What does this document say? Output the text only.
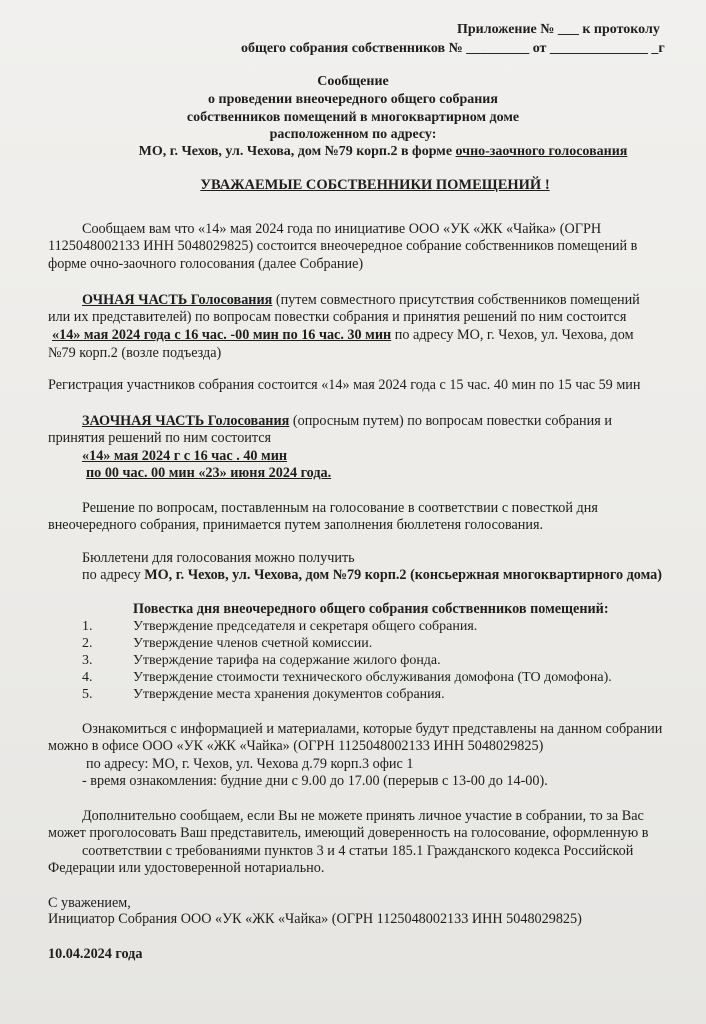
Приложение № ___ к протоколу
общего собрания собственников № _________ от ______________ _г
Сообщение
о проведении внеочередного общего собрания
собственников помещений в многоквартирном доме
расположенном по адресу:
МО, г. Чехов, ул. Чехова, дом №79 корп.2 в форме очно-заочного голосования
УВАЖАЕМЫЕ СОБСТВЕННИКИ ПОМЕЩЕНИЙ !
Сообщаем вам что «14» мая 2024 года по инициативе ООО «УК «ЖК «Чайка» (ОГРН
1125048002133 ИНН 5048029825) состоится внеочередное собрание собственников помещений в
форме очно-заочного голосования (далее Собрание)
ОЧНАЯ ЧАСТЬ Голосования (путем совместного присутствия собственников помещений
или их представителей) по вопросам повестки собрания и принятия решений по ним состоится
«14» мая 2024 года с 16 час. -00 мин по 16 час. 30 мин по адресу МО, г. Чехов, ул. Чехова, дом
№79 корп.2 (возле подъезда)
Регистрация участников собрания состоится «14» мая 2024 года с 15 час. 40 мин по 15 час 59 мин
ЗАОЧНАЯ ЧАСТЬ Голосования (опросным путем) по вопросам повестки собрания и
принятия решений по ним состоится
«14» мая 2024 г с 16 час . 40 мин
по 00 час. 00 мин «23» июня 2024 года.
Решение по вопросам, поставленным на голосование в соответствии с повесткой дня
внеочередного собрания, принимается путем заполнения бюллетеня голосования.
Бюллетени для голосования можно получить
по адресу МО, г. Чехов, ул. Чехова, дом №79 корп.2 (консьержная многоквартирного дома)
Повестка дня внеочередного общего собрания собственников помещений:
1.	Утверждение председателя и секретаря общего собрания.
2.	Утверждение членов счетной комиссии.
3.	Утверждение тарифа на содержание жилого фонда.
4.	Утверждение стоимости технического обслуживания домофона (ТО домофона).
5.	Утверждение места хранения документов собрания.
Ознакомиться с информацией и материалами, которые будут представлены на данном собрании
можно в офисе ООО «УК «ЖК «Чайка» (ОГРН 1125048002133 ИНН 5048029825)
по адресу: МО, г. Чехов, ул. Чехова д.79 корп.3 офис 1
- время ознакомления: будние дни с 9.00 до 17.00 (перерыв с 13-00 до 14-00).
Дополнительно сообщаем, если Вы не можете принять личное участие в собрании, то за Вас
может проголосовать Ваш представитель, имеющий доверенность на голосование, оформленную в
соответствии с требованиями пунктов 3 и 4 статьи 185.1 Гражданского кодекса Российской
Федерации или удостоверенной нотариально.
С уважением,
Инициатор Собрания ООО «УК «ЖК «Чайка» (ОГРН 1125048002133 ИНН 5048029825)
10.04.2024 года
